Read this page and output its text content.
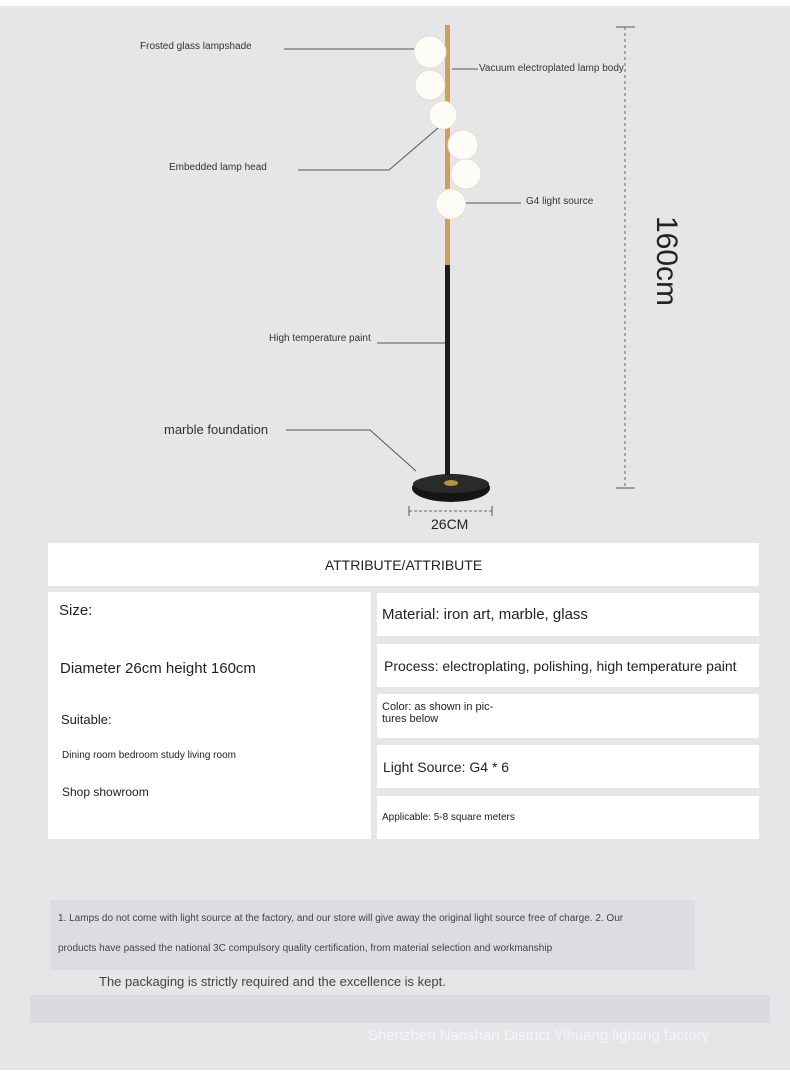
Frosted glass lampshade
Vacuum electroplated lamp body
Embedded lamp head
G4 light source
High temperature paint
marble foundation
160cm
26CM
ATTRIBUTE/ATTRIBUTE
Size:
Diameter 26cm height 160cm
Suitable:
Dining room bedroom study living room
Shop showroom
Material: iron art, marble, glass
Process: electroplating, polishing, high temperature paint
Color: as shown in pic-
tures below
Light Source: G4 * 6
Applicable: 5-8 square meters
1. Lamps do not come with light source at the factory, and our store will give away the original light source free of charge. 2. Our
products have passed the national 3C compulsory quality certification, from material selection and workmanship
The packaging is strictly required and the excellence is kept.
Shenzhen Nanshan District Yihuang lighting factory
